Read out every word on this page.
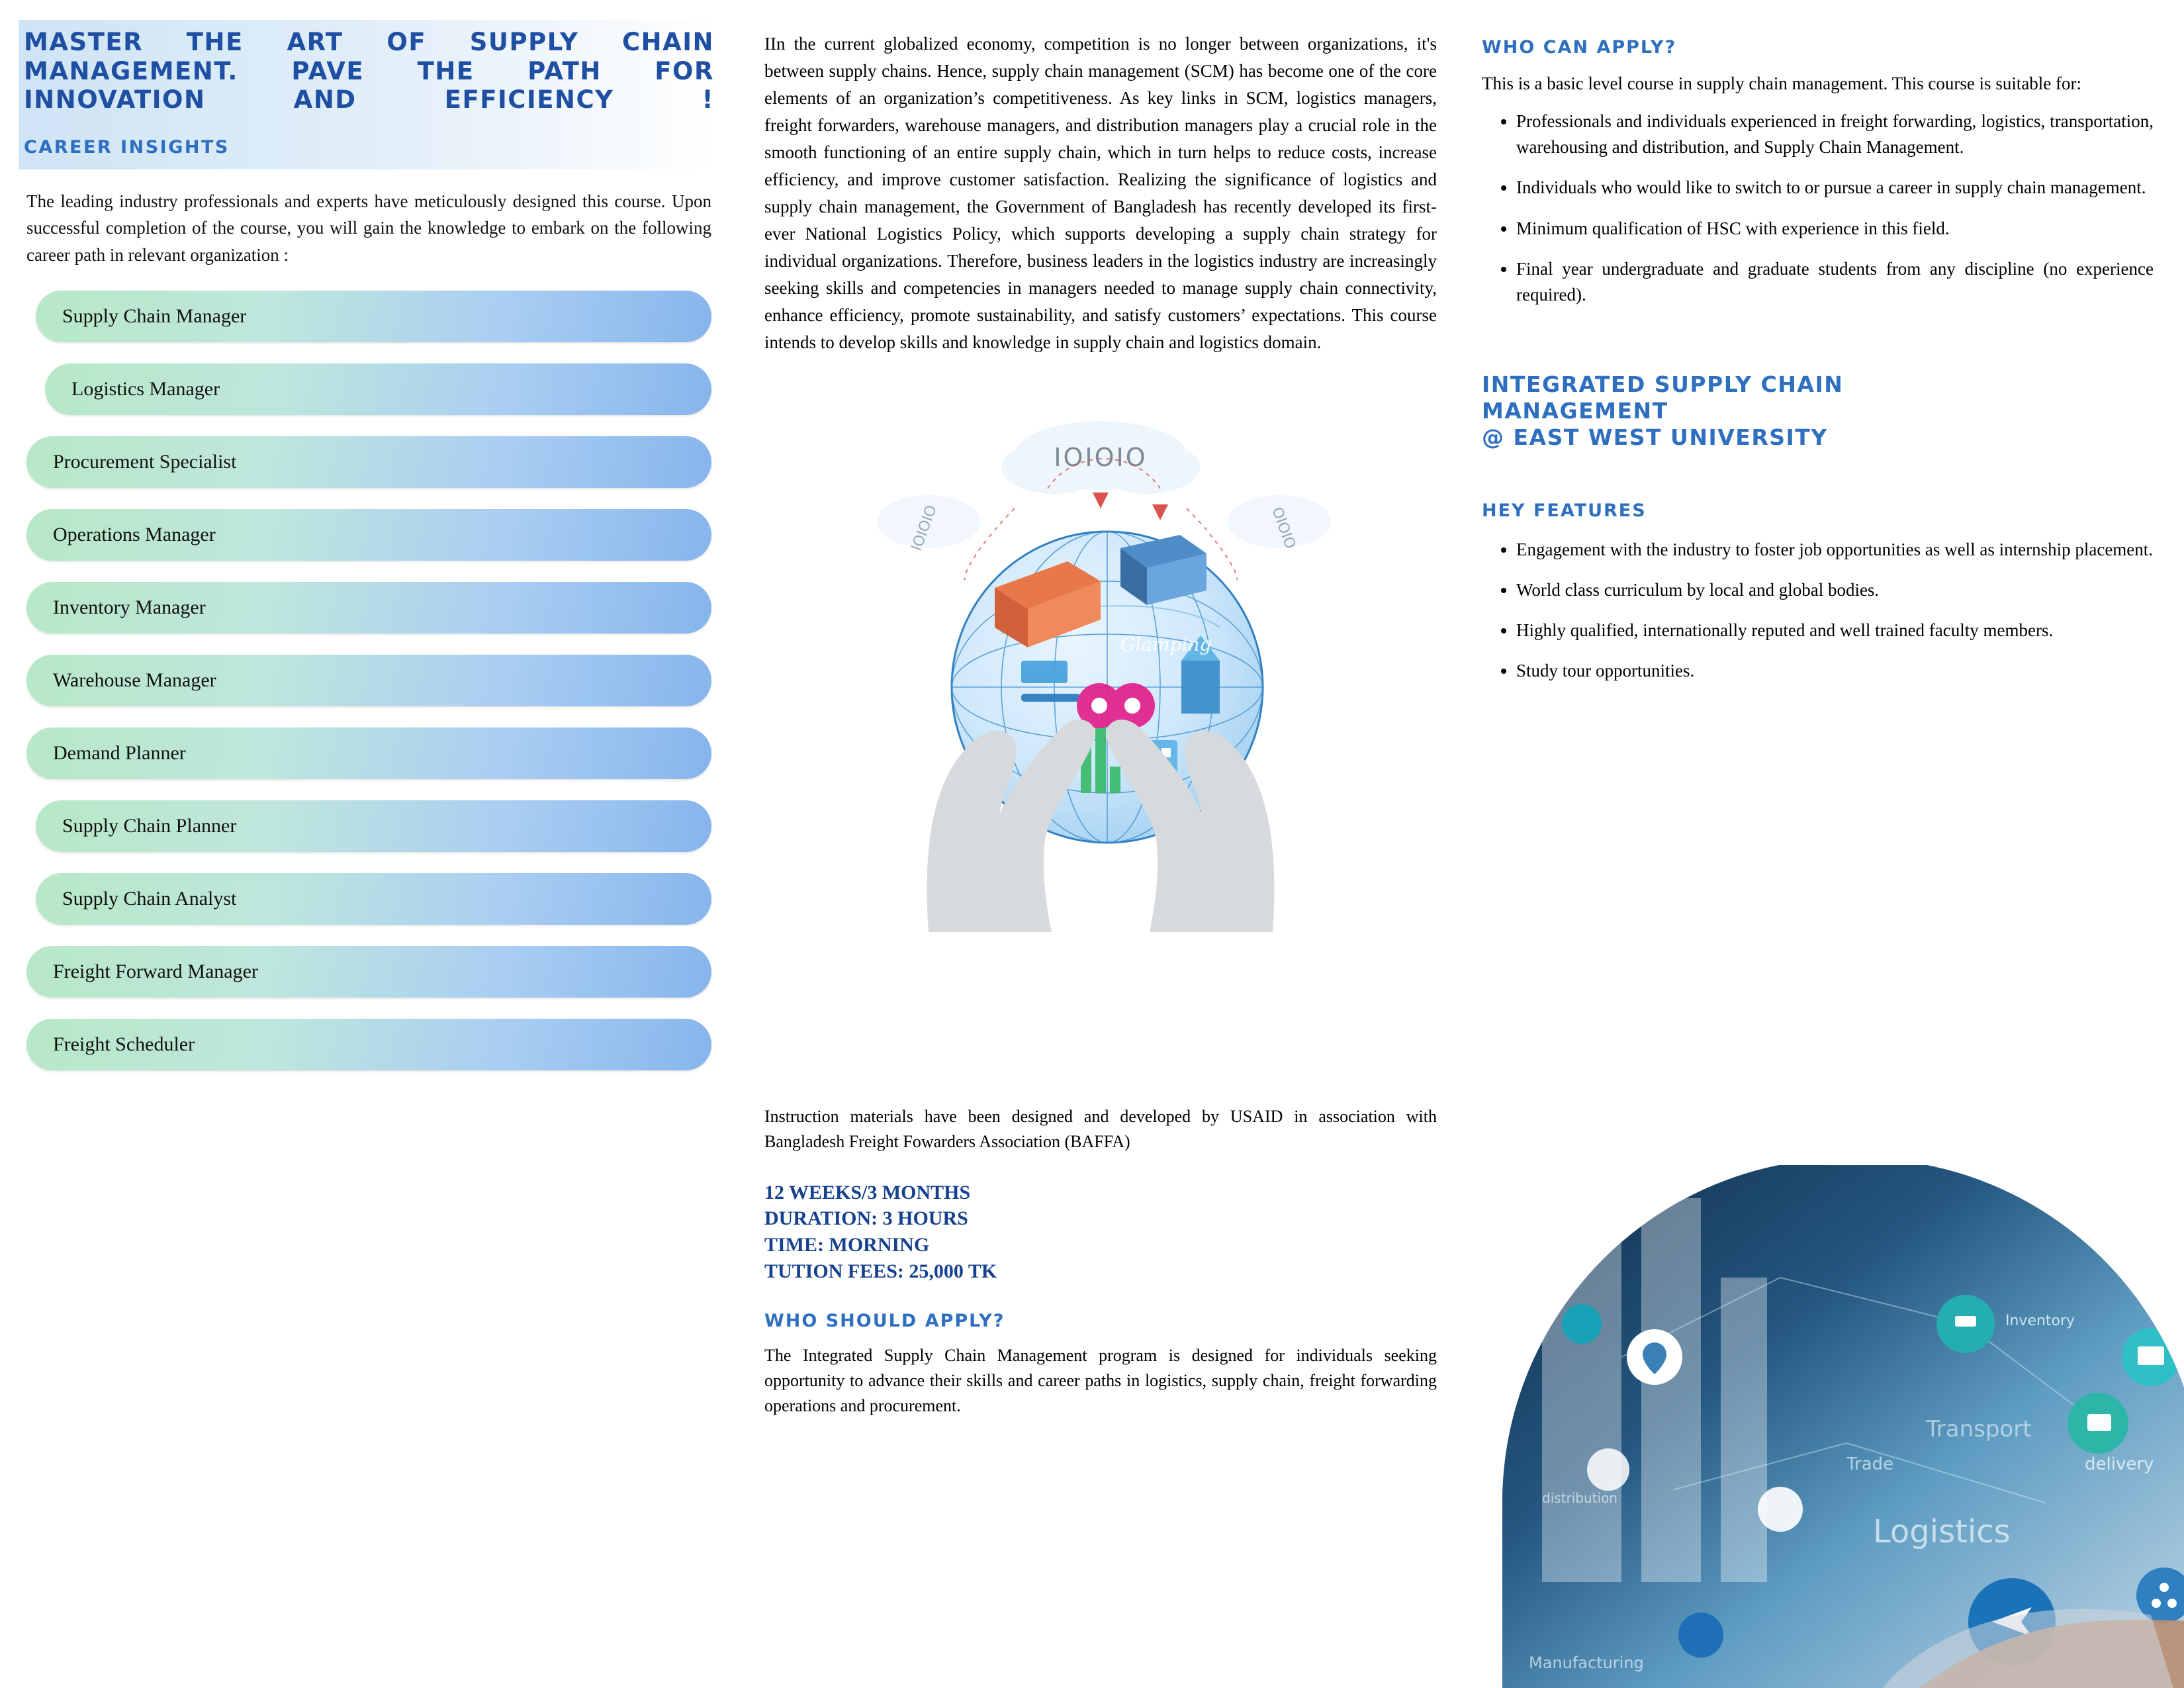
MASTER THE ART OF SUPPLY CHAIN MANAGEMENT. PAVE THE PATH FOR INNOVATION AND EFFICIENCY !
CAREER INSIGHTS

The leading industry professionals and experts have meticulously designed this course. Upon successful completion of the course, you will gain the knowledge to embark on the following career path in relevant organization :

Supply Chain Manager
Logistics Manager
Procurement Specialist
Operations Manager
Inventory Manager
Warehouse Manager
Demand Planner
Supply Chain Planner
Supply Chain Analyst
Freight Forward Manager
Freight Scheduler

IIn the current globalized economy, competition is no longer between organizations, it's between supply chains. Hence, supply chain management (SCM) has become one of the core elements of an organization’s competitiveness. As key links in SCM, logistics managers, freight forwarders, warehouse managers, and distribution managers play a crucial role in the smooth functioning of an entire supply chain, which in turn helps to reduce costs, increase efficiency, and improve customer satisfaction. Realizing the significance of logistics and supply chain management, the Government of Bangladesh has recently developed its first-ever National Logistics Policy, which supports developing a supply chain strategy for individual organizations. Therefore, business leaders in the logistics industry are increasingly seeking skills and competencies in managers needed to manage supply chain connectivity, enhance efficiency, promote sustainability, and satisfy customers’ expectations. This course intends to develop skills and knowledge in supply chain and logistics domain.

IOIOIO
IOIOIO	OIOIO
Glamping

Instruction materials have been designed and developed by USAID in association with Bangladesh Freight Fowarders Association (BAFFA)

12 WEEKS/3 MONTHS
DURATION: 3 HOURS
TIME: MORNING
TUTION FEES: 25,000 TK
WHO SHOULD APPLY?

The Integrated Supply Chain Management program is designed for individuals seeking opportunity to advance their skills and career paths in logistics, supply chain, freight forwarding operations and procurement.

WHO CAN APPLY?

This is a basic level course in supply chain management. This course is suitable for:

• Professionals and individuals experienced in freight forwarding, logistics, transportation, warehousing and distribution, and Supply Chain Management.
• Individuals who would like to switch to or pursue a career in supply chain management.
• Minimum qualification of HSC with experience in this field.
• Final year undergraduate and graduate students from any discipline (no experience required).
INTEGRATED SUPPLY CHAIN
MANAGEMENT
@ EAST WEST UNIVERSITY
HEY FEATURES
• Engagement with the industry to foster job opportunities as well as internship placement.
• World class curriculum by local and global bodies.
• Highly qualified, internationally reputed and well trained faculty members.
• Study tour opportunities.
Inventory
Transport
delivery
Trade
Logistics
Manufacturing
distribution
